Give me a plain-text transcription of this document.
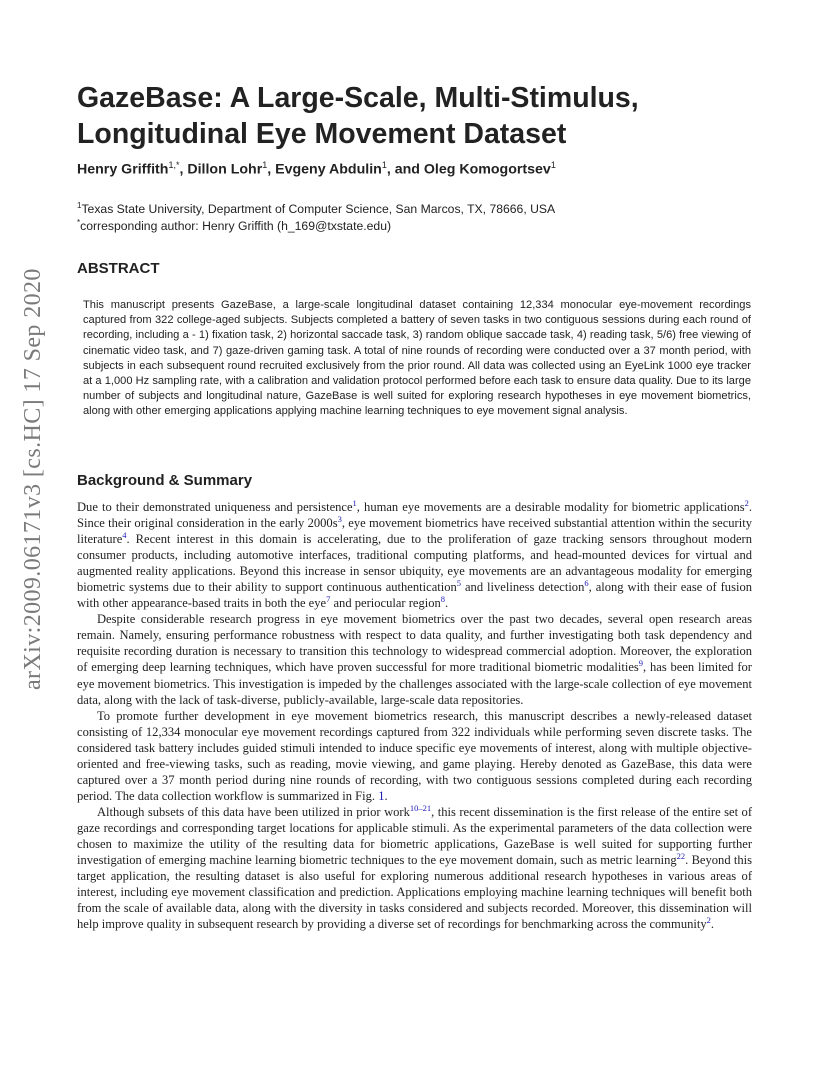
arXiv:2009.06171v3 [cs.HC] 17 Sep 2020
GazeBase: A Large-Scale, Multi-Stimulus,
Longitudinal Eye Movement Dataset
Henry Griffith$^{1,*}$, Dillon Lohr$^1$, Evgeny Abdulin$^1$, and Oleg Komogortsev$^1$
$^1$Texas State University, Department of Computer Science, San Marcos, TX, 78666, USA
*corresponding author: Henry Griffith (h_169@txstate.edu)
ABSTRACT

This manuscript presents GazeBase, a large-scale longitudinal dataset containing 12,334 monocular eye-movement recordings captured from 322 college-aged subjects. Subjects completed a battery of seven tasks in two contiguous sessions during each round of recording, including a - 1) fixation task, 2) horizontal saccade task, 3) random oblique saccade task, 4) reading task, 5/6) free viewing of cinematic video task, and 7) gaze-driven gaming task. A total of nine rounds of recording were conducted over a 37 month period, with subjects in each subsequent round recruited exclusively from the prior round. All data was collected using an EyeLink 1000 eye tracker at a 1,000 Hz sampling rate, with a calibration and validation protocol performed before each task to ensure data quality. Due to its large number of subjects and longitudinal nature, GazeBase is well suited for exploring research hypotheses in eye movement biometrics, along with other emerging applications applying machine learning techniques to eye movement signal analysis.

Background & Summary

Due to their demonstrated uniqueness and persistence$^1$, human eye movements are a desirable modality for biometric applications$^2$. Since their original consideration in the early 2000s$^3$, eye movement biometrics have received substantial attention within the security literature$^4$. Recent interest in this domain is accelerating, due to the proliferation of gaze tracking sensors throughout modern consumer products, including automotive interfaces, traditional computing platforms, and head-mounted devices for virtual and augmented reality applications. Beyond this increase in sensor ubiquity, eye movements are an advantageous modality for emerging biometric systems due to their ability to support continuous authentication$^5$ and liveliness detection$^6$, along with their ease of fusion with other appearance-based traits in both the eye$^7$ and periocular region$^8$.

Despite considerable research progress in eye movement biometrics over the past two decades, several open research areas remain. Namely, ensuring performance robustness with respect to data quality, and further investigating both task dependency and requisite recording duration is necessary to transition this technology to widespread commercial adoption. Moreover, the exploration of emerging deep learning techniques, which have proven successful for more traditional biometric modalities$^9$, has been limited for eye movement biometrics. This investigation is impeded by the challenges associated with the large-scale collection of eye movement data, along with the lack of task-diverse, publicly-available, large-scale data repositories.

To promote further development in eye movement biometrics research, this manuscript describes a newly-released dataset consisting of 12,334 monocular eye movement recordings captured from 322 individuals while performing seven discrete tasks. The considered task battery includes guided stimuli intended to induce specific eye movements of interest, along with multiple objective-oriented and free-viewing tasks, such as reading, movie viewing, and game playing. Hereby denoted as GazeBase, this data were captured over a 37 month period during nine rounds of recording, with two contiguous sessions completed during each recording period. The data collection workflow is summarized in Fig. 1.

Although subsets of this data have been utilized in prior work$^{10-21}$, this recent dissemination is the first release of the entire set of gaze recordings and corresponding target locations for applicable stimuli. As the experimental parameters of the data collection were chosen to maximize the utility of the resulting data for biometric applications, GazeBase is well suited for supporting further investigation of emerging machine learning biometric techniques to the eye movement domain, such as metric learning$^{22}$. Beyond this target application, the resulting dataset is also useful for exploring numerous additional research hypotheses in various areas of interest, including eye movement classification and prediction. Applications employing machine learning techniques will benefit both from the scale of available data, along with the diversity in tasks considered and subjects recorded. Moreover, this dissemination will help improve quality in subsequent research by providing a diverse set of recordings for benchmarking across the community$^2$.
